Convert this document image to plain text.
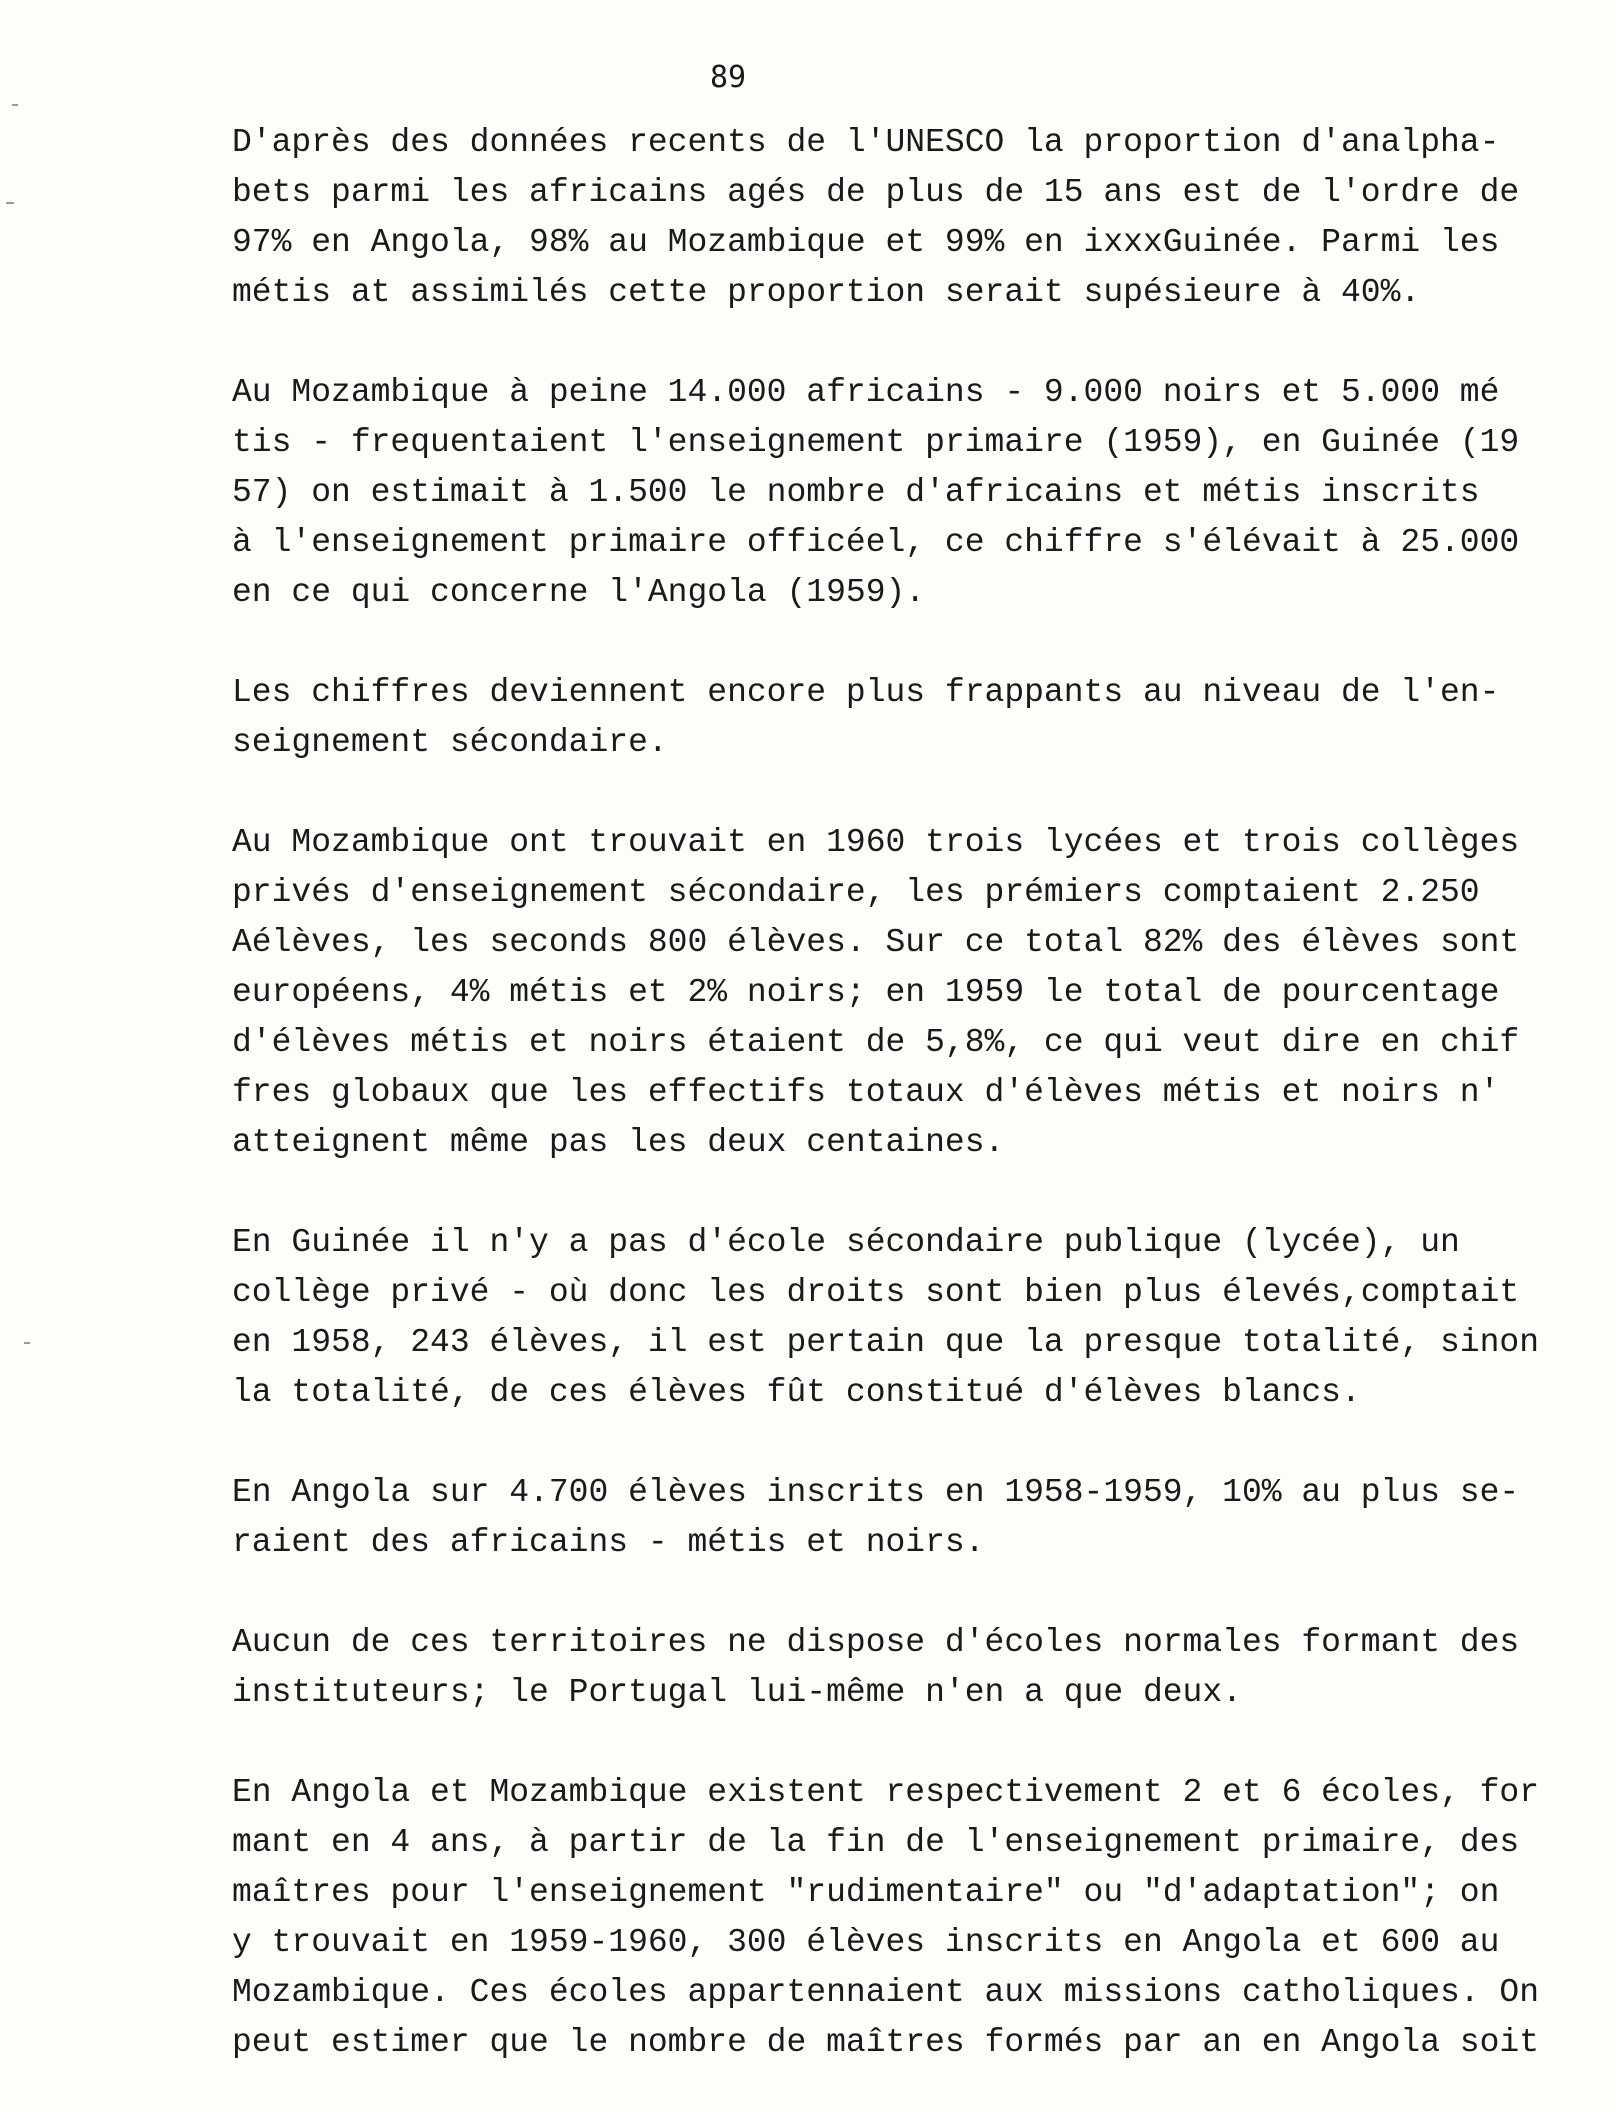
89
D'après des données recents de l'UNESCO la proportion d'analpha-
bets parmi les africains agés de plus de 15 ans est de l'ordre de
97% en Angola, 98% au Mozambique et 99% en ixxxGuinée. Parmi les
métis at assimilés cette proportion serait supésieure à 40%.
Au Mozambique à peine 14.000 africains - 9.000 noirs et 5.000 mé
tis - frequentaient l'enseignement primaire (1959), en Guinée (19
57) on estimait à 1.500 le nombre d'africains et métis inscrits
à l'enseignement primaire officéel, ce chiffre s'élévait à 25.000
en ce qui concerne l'Angola (1959).
Les chiffres deviennent encore plus frappants au niveau de l'en-
seignement sécondaire.
Au Mozambique ont trouvait en 1960 trois lycées et trois collèges
privés d'enseignement sécondaire, les prémiers comptaient 2.250
Aélèves, les seconds 800 élèves. Sur ce total 82% des élèves sont
européens, 4% métis et 2% noirs; en 1959 le total de pourcentage
d'élèves métis et noirs étaient de 5,8%, ce qui veut dire en chif
fres globaux que les effectifs totaux d'élèves métis et noirs n'
atteignent même pas les deux centaines.
En Guinée il n'y a pas d'école sécondaire publique (lycée), un
collège privé - où donc les droits sont bien plus élevés,comptait
en 1958, 243 élèves, il est pertain que la presque totalité, sinon
la totalité, de ces élèves fût constitué d'élèves blancs.
En Angola sur 4.700 élèves inscrits en 1958-1959, 10% au plus se-
raient des africains - métis et noirs.
Aucun de ces territoires ne dispose d'écoles normales formant des
instituteurs; le Portugal lui-même n'en a que deux.
En Angola et Mozambique existent respectivement 2 et 6 écoles, for
mant en 4 ans, à partir de la fin de l'enseignement primaire, des
maîtres pour l'enseignement "rudimentaire" ou "d'adaptation"; on
y trouvait en 1959-1960, 300 élèves inscrits en Angola et 600 au
Mozambique. Ces écoles appartennaient aux missions catholiques. On
peut estimer que le nombre de maîtres formés par an en Angola soit
